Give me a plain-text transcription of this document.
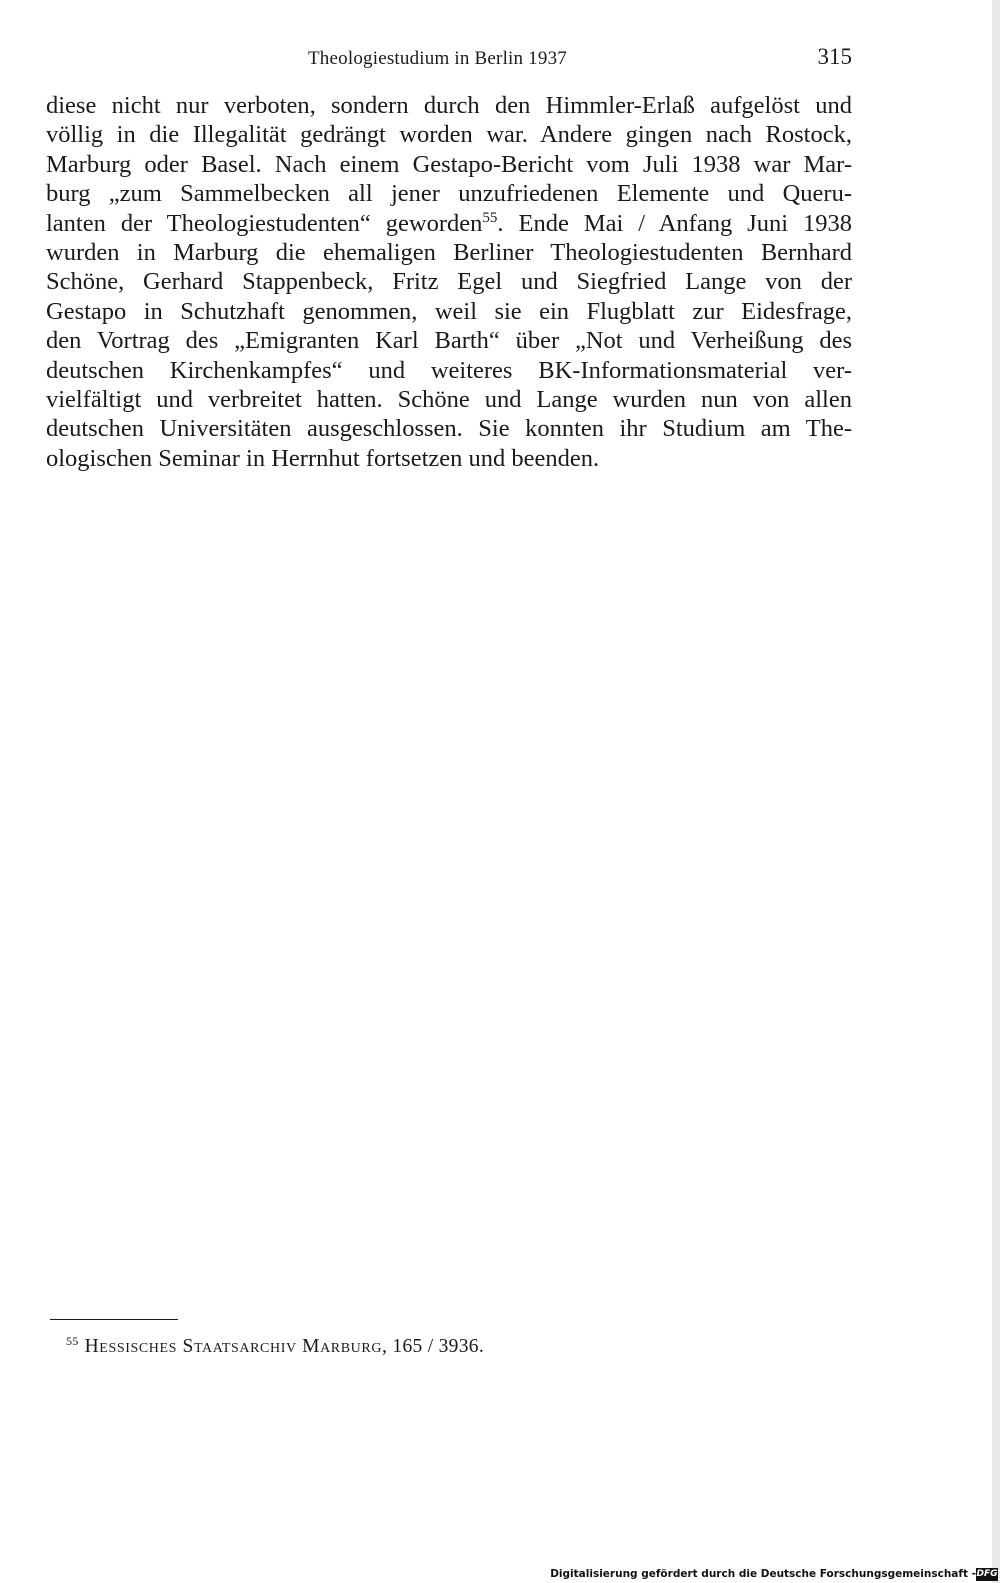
Theologiestudium in Berlin 1937	315
diese nicht nur verboten, sondern durch den Himmler-Erlaß aufgelöst und
völlig in die Illegalität gedrängt worden war. Andere gingen nach Rostock,
Marburg oder Basel. Nach einem Gestapo-Bericht vom Juli 1938 war Mar-
burg „zum Sammelbecken all jener unzufriedenen Elemente und Queru-
lanten der Theologiestudenten“ geworden$^{55}$. Ende Mai / Anfang Juni 1938
wurden in Marburg die ehemaligen Berliner Theologiestudenten Bernhard
Schöne, Gerhard Stappenbeck, Fritz Egel und Siegfried Lange von der
Gestapo in Schutzhaft genommen, weil sie ein Flugblatt zur Eidesfrage,
den Vortrag des „Emigranten Karl Barth“ über „Not und Verheißung des
deutschen Kirchenkampfes“ und weiteres BK-Informationsmaterial ver-
vielfältigt und verbreitet hatten. Schöne und Lange wurden nun von allen
deutschen Universitäten ausgeschlossen. Sie konnten ihr Studium am The-
ologischen Seminar in Herrnhut fortsetzen und beenden.
$^{55}$ Hessisches Staatsarchiv Marburg, 165 / 3936.
Digitalisierung gefördert durch die Deutsche Forschungsgemeinschaft - DFG
